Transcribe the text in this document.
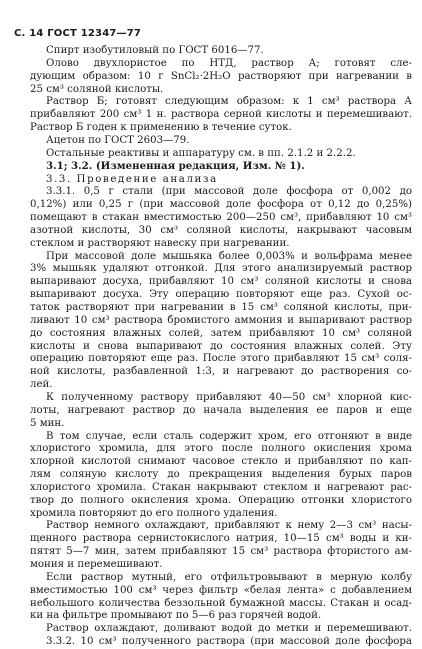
С. 14 ГОСТ 12347—77
Спирт изобутиловый по ГОСТ 6016—77.
Олово двухлористое по НТД, раствор А; готовят сле-
дующим образом: 10 г SnCl₂·2H₂O растворяют при нагревании в
25 см³ соляной кислоты.
Раствор Б; готовят следующим образом: к 1 см³ раствора А
прибавляют 200 см³ 1 н. раствора серной кислоты и перемешивают.
Раствор Б годен к применению в течение суток.
Ацетон по ГОСТ 2603—79.
Остальные реактивы и аппаратуру см. в пп. 2.1.2 и 2.2.2.
3.1; 3.2. (Измененная редакция, Изм. № 1).
3.3. Проведение анализа
3.3.1. 0,5 г стали (при массовой доле фосфора от 0,002 до
0,12%) или 0,25 г (при массовой доле фосфора от 0,12 до 0,25%)
помещают в стакан вместимостью 200—250 см³, прибавляют 10 см³
азотной кислоты, 30 см³ соляной кислоты, накрывают часовым
стеклом и растворяют навеску при нагревании.
При массовой доле мышьяка более 0,003% и вольфрама менее
3% мышьяк удаляют отгонкой. Для этого анализируемый раствор
выпаривают досуха, прибавляют 10 см³ соляной кислоты и снова
выпаривают досуха. Эту операцию повторяют еще раз. Сухой ос-
таток растворяют при нагревании в 15 см³ соляной кислоты, при-
ливают 10 см³ раствора бромистого аммония и выпаривают раствор
до состояния влажных солей, затем прибавляют 10 см³ соляной
кислоты и снова выпаривают до состояния влажных солей. Эту
операцию повторяют еще раз. После этого прибавляют 15 см³ соля-
ной кислоты, разбавленной 1:3, и нагревают до растворения со-
лей.
К полученному раствору прибавляют 40—50 см³ хлорной кис-
лоты, нагревают раствор до начала выделения ее паров и еще
5 мин.
В том случае, если сталь содержит хром, его отгоняют в виде
хлористого хромила, для этого после полного окисления хрома
хлорной кислотой снимают часовое стекло и прибавляют по кап-
лям соляную кислоту до прекращения выделения бурых паров
хлористого хромила. Стакан накрывают стеклом и нагревают рас-
твор до полного окисления хрома. Операцию отгонки хлористого
хромила повторяют до его полного удаления.
Раствор немного охлаждают, прибавляют к нему 2—3 см³ насы-
щенного раствора сернистокислого натрия, 10—15 см³ воды и ки-
пятят 5—7 мин, затем прибавляют 15 см³ раствора фтористого ам-
мония и перемешивают.
Если раствор мутный, его отфильтровывают в мерную колбу
вместимостью 100 см³ через фильтр «белая лента» с добавлением
небольшого количества беззольной бумажной массы. Стакан и осад-
ки на фильтре промывают по 5—6 раз горячей водой.
Раствор охлаждают, доливают водой до метки и перемешивают.
3.3.2. 10 см³ полученного раствора (при массовой доле фосфора
